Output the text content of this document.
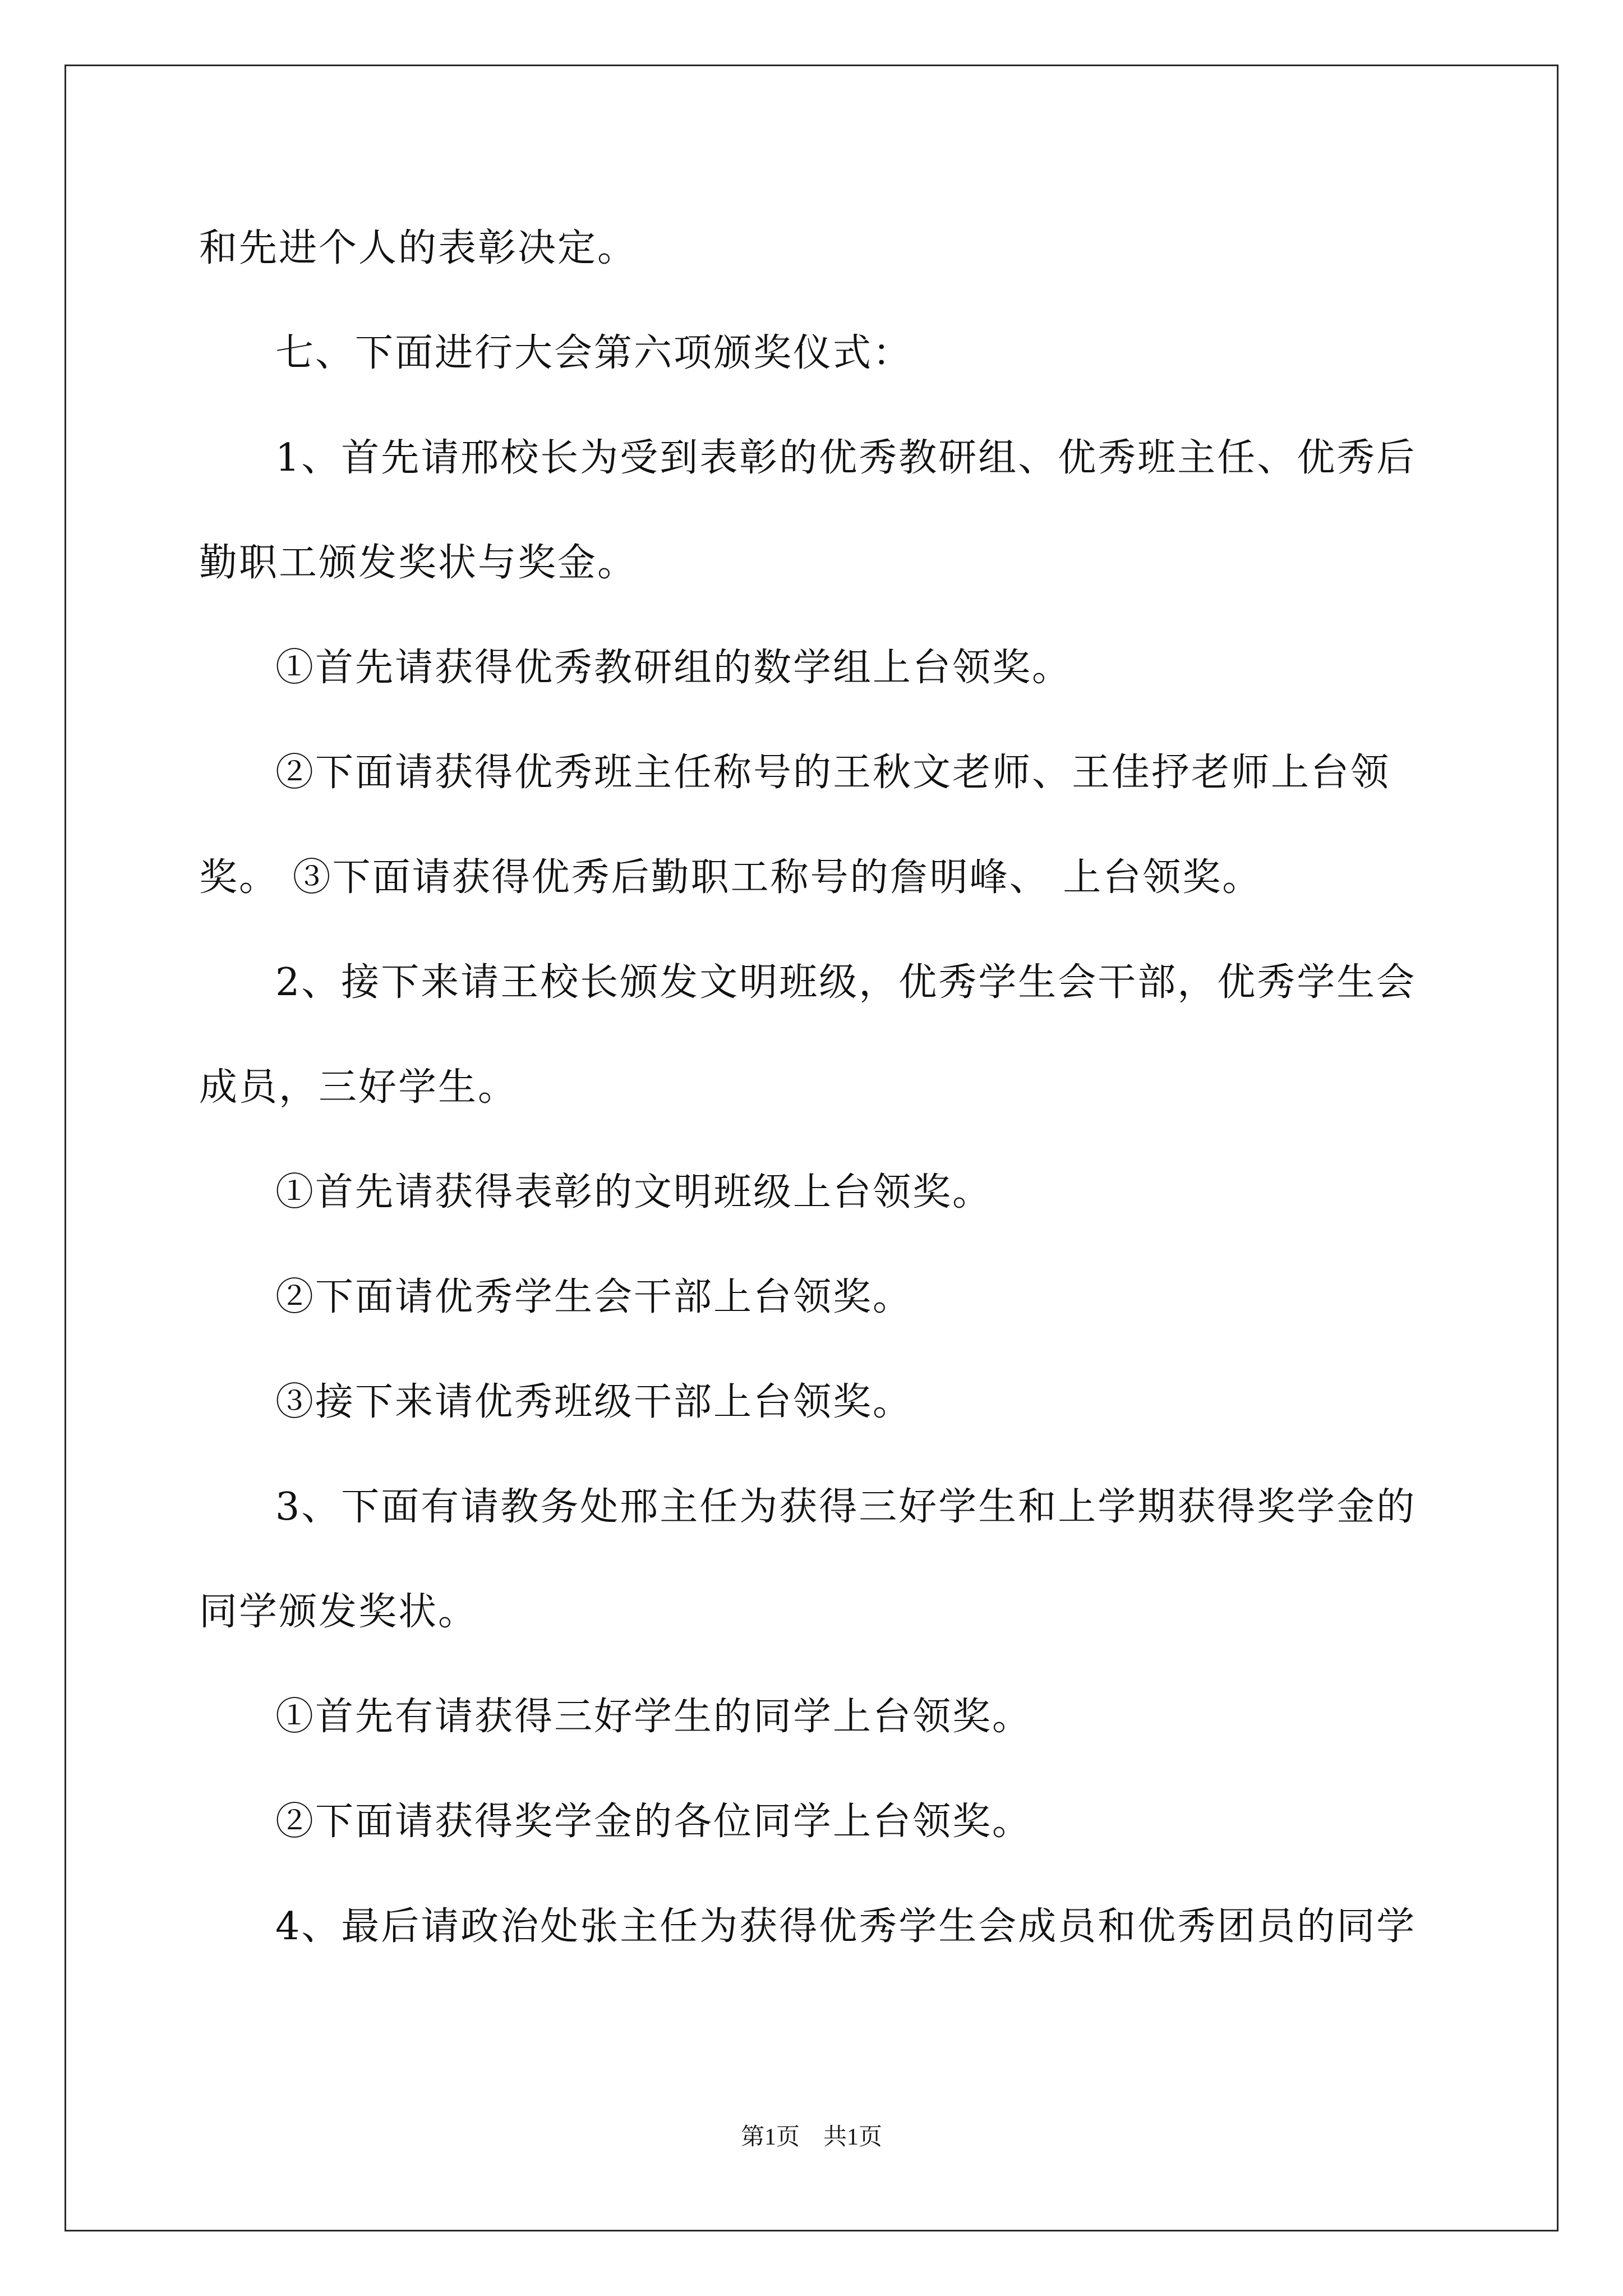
和先进个人的表彰决定。
七、下面进行大会第六项颁奖仪式：
1、首先请邢校长为受到表彰的优秀教研组、优秀班主任、优秀后
勤职工颁发奖状与奖金。
①首先请获得优秀教研组的数学组上台领奖。
②下面请获得优秀班主任称号的王秋文老师、王佳抒老师上台领
奖。 ③下面请获得优秀后勤职工称号的詹明峰、 上台领奖。
2、接下来请王校长颁发文明班级，优秀学生会干部，优秀学生会
成员，三好学生。
①首先请获得表彰的文明班级上台领奖。
②下面请优秀学生会干部上台领奖。
③接下来请优秀班级干部上台领奖。
3、下面有请教务处邢主任为获得三好学生和上学期获得奖学金的
同学颁发奖状。
①首先有请获得三好学生的同学上台领奖。
②下面请获得奖学金的各位同学上台领奖。
4、最后请政治处张主任为获得优秀学生会成员和优秀团员的同学
第1页　共1页
